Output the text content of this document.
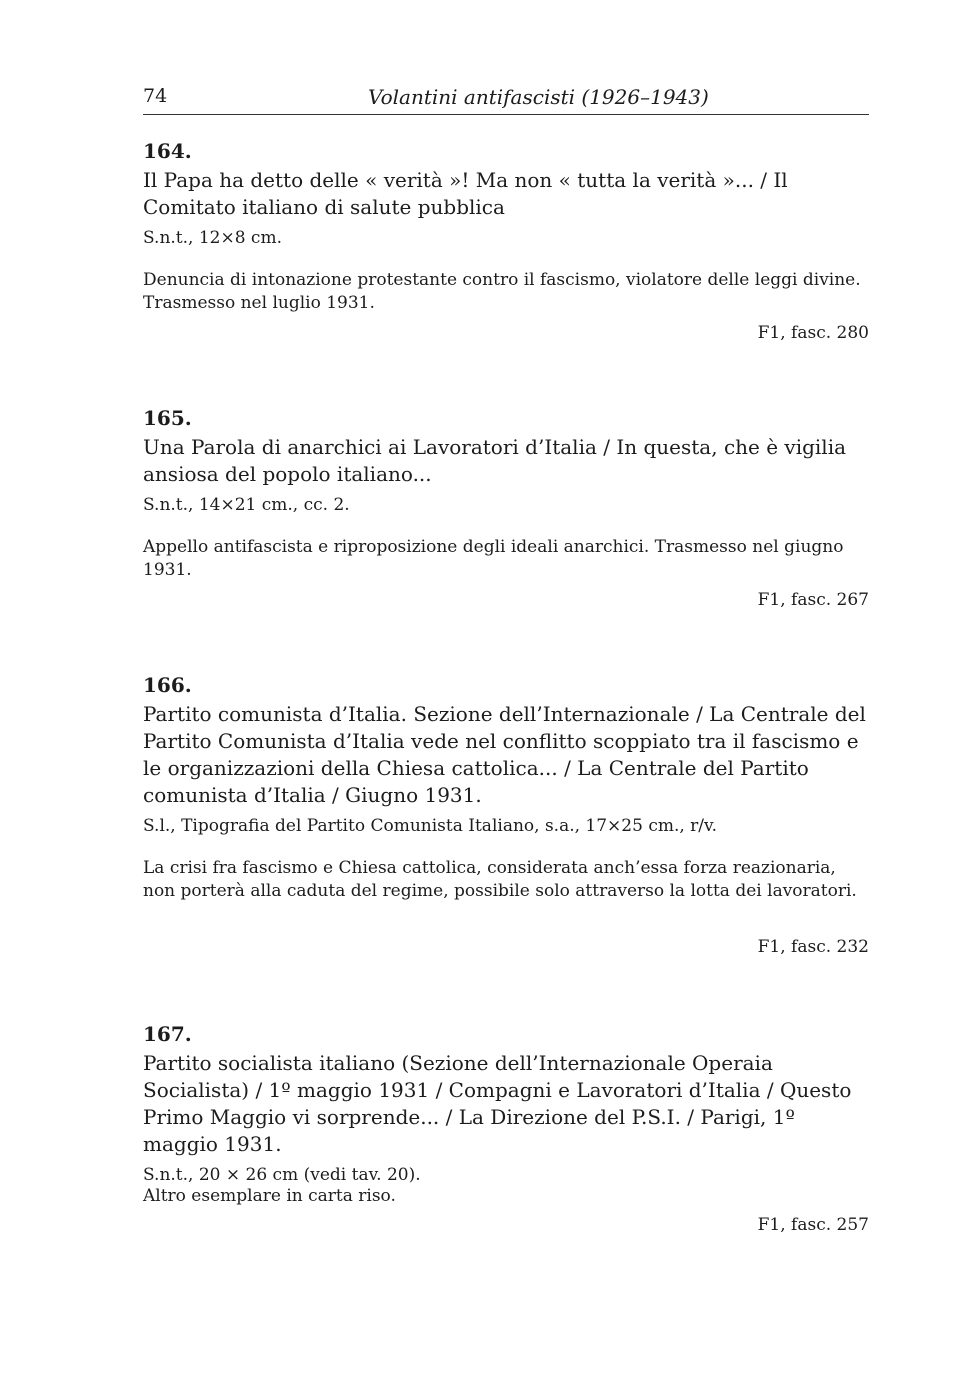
74	Volantini antifascisti (1926–1943)
164.
Il Papa ha detto delle « verità »! Ma non « tutta la verità »... / Il Comitato italiano di salute pubblica
S.n.t., 12×8 cm.
Denuncia di intonazione protestante contro il fascismo, violatore delle leggi divine. Trasmesso nel luglio 1931.
F1, fasc. 280
165.
Una Parola di anarchici ai Lavoratori d’Italia / In questa, che è vigilia ansiosa del popolo italiano...
S.n.t., 14×21 cm., cc. 2.
Appello antifascista e riproposizione degli ideali anarchici. Trasmesso nel giugno 1931.
F1, fasc. 267
166.
Partito comunista d’Italia. Sezione dell’Internazionale / La Centrale del Partito Comunista d’Italia vede nel conflitto scoppiato tra il fascismo e le organizzazioni della Chiesa cattolica... / La Centrale del Partito comunista d’Italia / Giugno 1931.
S.l., Tipografia del Partito Comunista Italiano, s.a., 17×25 cm., r/v.
La crisi fra fascismo e Chiesa cattolica, considerata anch’essa forza reazionaria, non porterà alla caduta del regime, possibile solo attraverso la lotta dei lavoratori.
F1, fasc. 232
167.
Partito socialista italiano (Sezione dell’Internazionale Operaia Socialista) / 1º maggio 1931 / Compagni e Lavoratori d’Italia / Questo Primo Maggio vi sorprende... / La Direzione del P.S.I. / Parigi, 1º maggio 1931.
S.n.t., 20 × 26 cm (vedi tav. 20).
Altro esemplare in carta riso.
F1, fasc. 257
